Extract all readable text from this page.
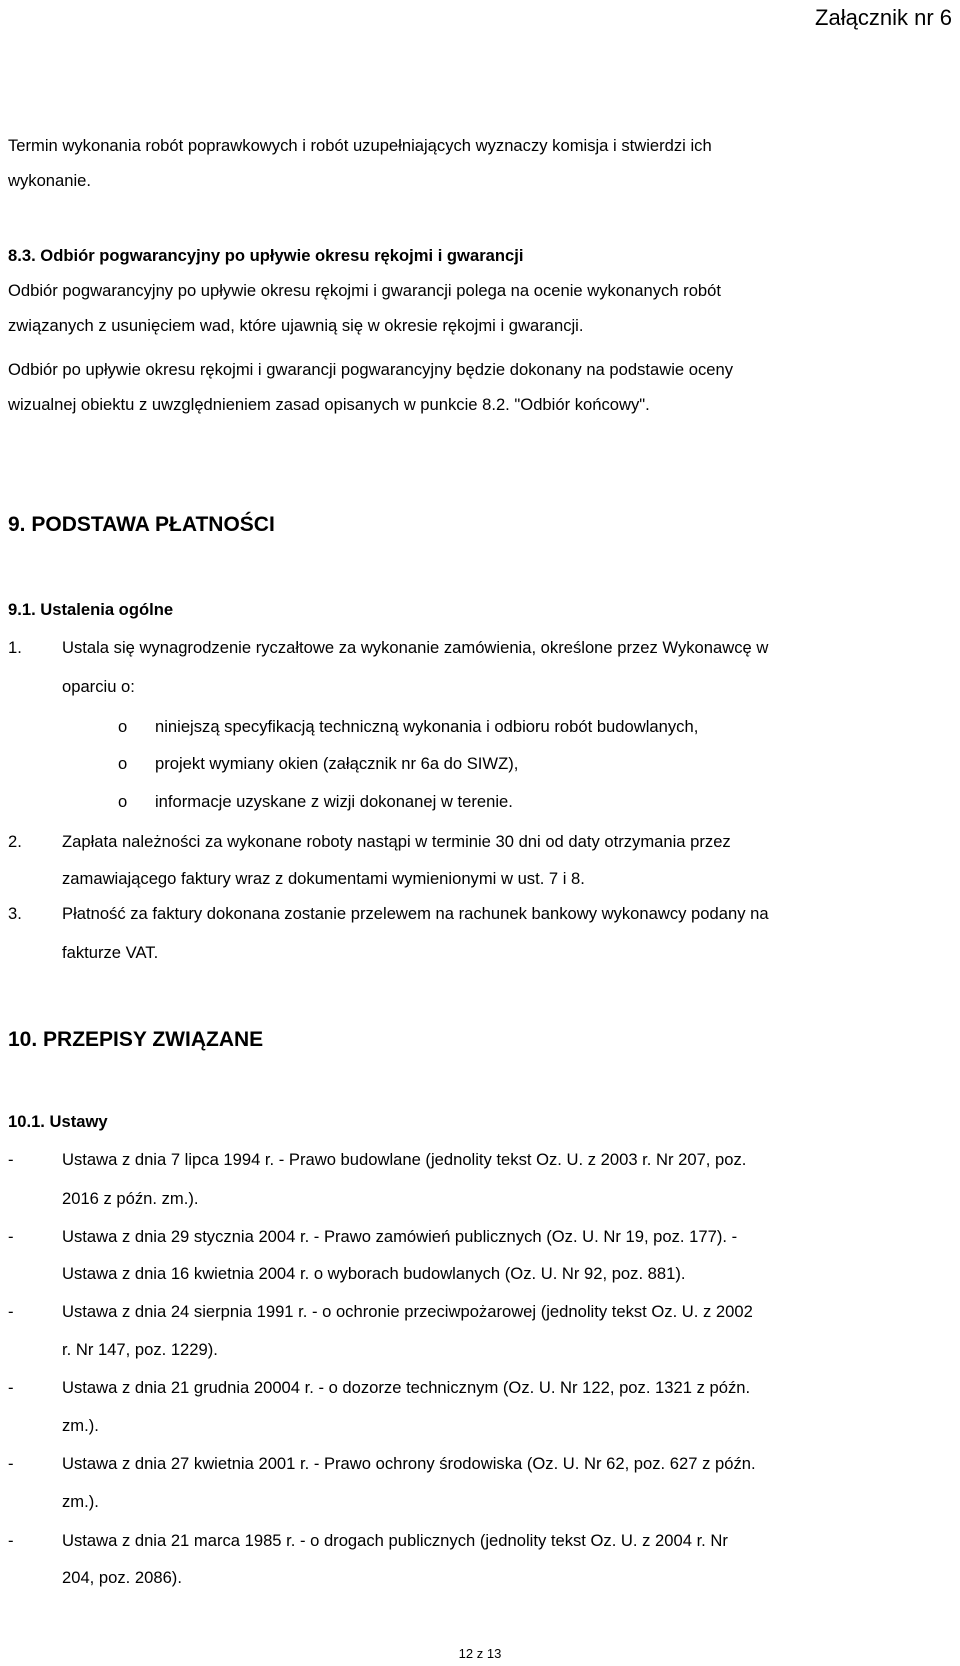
Załącznik nr 6
Termin wykonania robót poprawkowych i robót uzupełniających wyznaczy komisja i stwierdzi ich
wykonanie.
8.3. Odbiór pogwarancyjny po upływie okresu rękojmi i gwarancji
Odbiór pogwarancyjny po upływie okresu rękojmi i gwarancji polega na ocenie wykonanych robót
związanych z usunięciem wad, które ujawnią się w okresie rękojmi i gwarancji.
Odbiór po upływie okresu rękojmi i gwarancji pogwarancyjny będzie dokonany na podstawie oceny
wizualnej obiektu z uwzględnieniem zasad opisanych w punkcie 8.2. "Odbiór końcowy".
9. PODSTAWA PŁATNOŚCI
9.1. Ustalenia ogólne
1. Ustala się wynagrodzenie ryczałtowe za wykonanie zamówienia, określone przez Wykonawcę w
oparciu o:
o niniejszą specyfikacją techniczną wykonania i odbioru robót budowlanych,
o projekt wymiany okien (załącznik nr 6a do SIWZ),
o informacje uzyskane z wizji dokonanej w terenie.
2. Zapłata należności za wykonane roboty nastąpi w terminie 30 dni od daty otrzymania przez
zamawiającego faktury wraz z dokumentami wymienionymi w ust. 7 i 8.
3. Płatność za faktury dokonana zostanie przelewem na rachunek bankowy wykonawcy podany na
fakturze VAT.
10. PRZEPISY ZWIĄZANE
10.1. Ustawy
-	Ustawa z dnia 7 lipca 1994 r. - Prawo budowlane (jednolity tekst Oz. U. z 2003 r. Nr 207, poz.
2016 z późn. zm.).
-	Ustawa z dnia 29 stycznia 2004 r. - Prawo zamówień publicznych (Oz. U. Nr 19, poz. 177). -
Ustawa z dnia 16 kwietnia 2004 r. o wyborach budowlanych (Oz. U. Nr 92, poz. 881).
-	Ustawa z dnia 24 sierpnia 1991 r. - o ochronie przeciwpożarowej (jednolity tekst Oz. U. z 2002
r. Nr 147, poz. 1229).
-	Ustawa z dnia 21 grudnia 20004 r. - o dozorze technicznym (Oz. U. Nr 122, poz. 1321 z późn.
zm.).
-	Ustawa z dnia 27 kwietnia 2001 r. - Prawo ochrony środowiska (Oz. U. Nr 62, poz. 627 z późn.
zm.).
-	Ustawa z dnia 21 marca 1985 r. - o drogach publicznych (jednolity tekst Oz. U. z 2004 r. Nr
204, poz. 2086).
12 z 13
